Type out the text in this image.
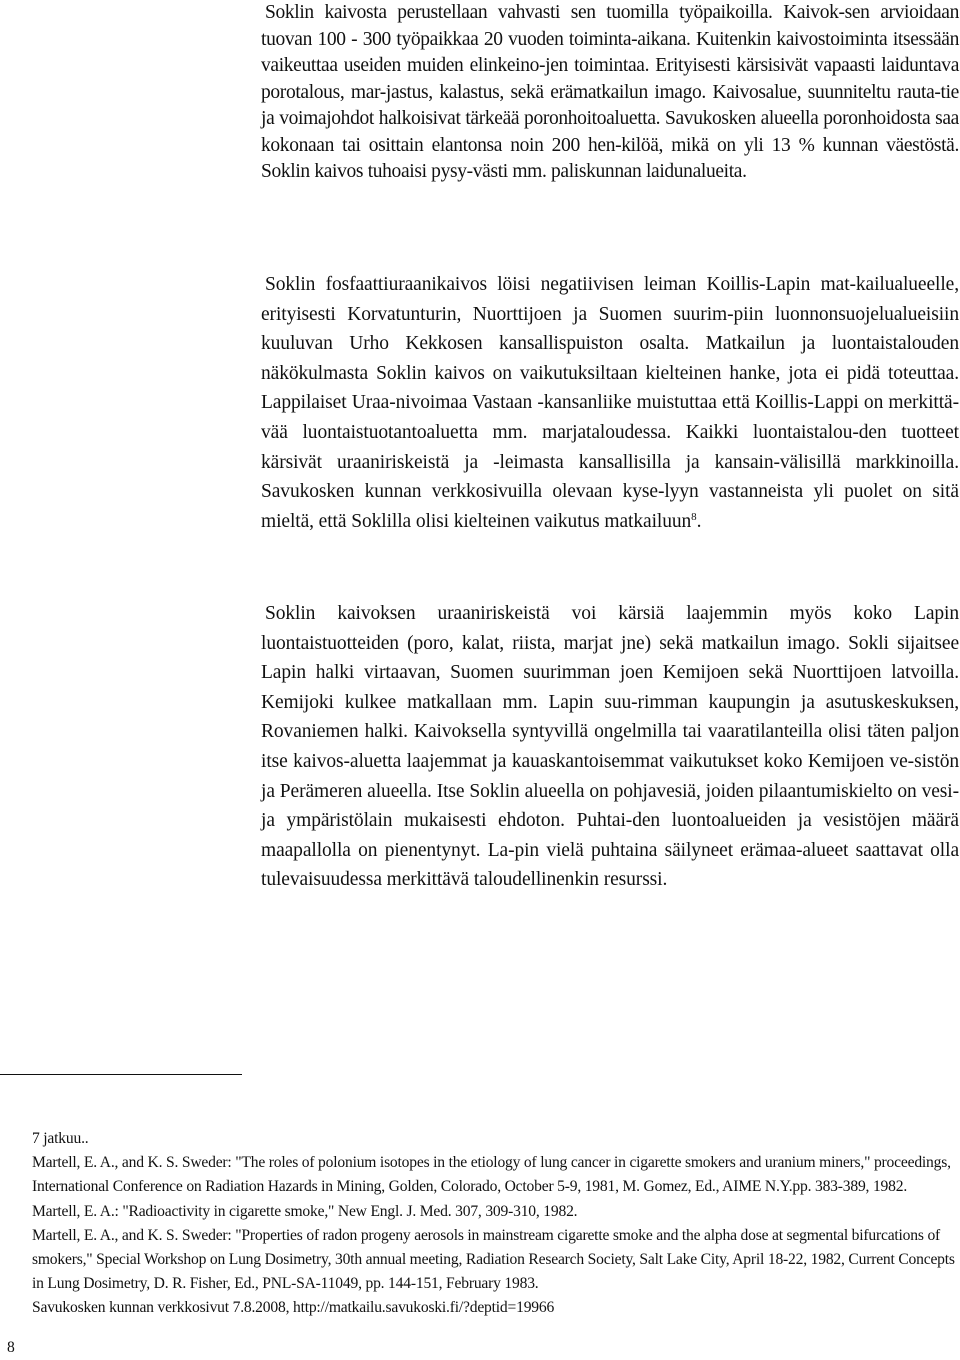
Soklin kaivosta perustellaan vahvasti sen tuomilla työpaikoilla. Kaivok-sen arvioidaan tuovan 100 - 300 työpaikkaa 20 vuoden toiminta-aikana. Kuitenkin kaivostoiminta itsessään vaikeuttaa useiden muiden elinkeino-jen toimintaa. Erityisesti kärsisivät vapaasti laiduntava porotalous, mar-jastus, kalastus, sekä erämatkailun imago. Kaivosalue, suunniteltu rauta-tie ja voimajohdot halkoisivat tärkeää poronhoitoaluetta. Savukosken alueella poronhoidosta saa kokonaan tai osittain elantonsa noin 200 hen-kilöä, mikä on yli 13 % kunnan väestöstä. Soklin kaivos tuhoaisi pysy-västi mm. paliskunnan laidunalueita.

Soklin fosfaattiuraanikaivos löisi negatiivisen leiman Koillis-Lapin mat-kailualueelle, erityisesti Korvatunturin, Nuorttijoen ja Suomen suurim-piin luonnonsuojelualueisiin kuuluvan Urho Kekkosen kansallispuiston osalta. Matkailun ja luontaistalouden näkökulmasta Soklin kaivos on vaikutuksiltaan kielteinen hanke, jota ei pidä toteuttaa. Lappilaiset Uraa-nivoimaa Vastaan -kansanliike muistuttaa että Koillis-Lappi on merkittä-vää luontaistuotantoaluetta mm. marjataloudessa. Kaikki luontaistalou-den tuotteet kärsivät uraaniriskeistä ja -leimasta kansallisilla ja kansain-välisillä markkinoilla. Savukosken kunnan verkkosivuilla olevaan kyse-lyyn vastanneista yli puolet on sitä mieltä, että Soklilla olisi kielteinen vaikutus matkailuun$^8$.

Soklin kaivoksen uraaniriskeistä voi kärsiä laajemmin myös koko Lapin luontaistuotteiden (poro, kalat, riista, marjat jne) sekä matkailun imago. Sokli sijaitsee Lapin halki virtaavan, Suomen suurimman joen Kemijoen sekä Nuorttijoen latvoilla. Kemijoki kulkee matkallaan mm. Lapin suu-rimman kaupungin ja asutuskeskuksen, Rovaniemen halki. Kaivoksella syntyvillä ongelmilla tai vaaratilanteilla olisi täten paljon itse kaivos-aluetta laajemmat ja kauaskantoisemmat vaikutukset koko Kemijoen ve-sistön ja Perämeren alueella. Itse Soklin alueella on pohjavesiä, joiden pilaantumiskielto on vesi- ja ympäristölain mukaisesti ehdoton. Puhtai-den luontoalueiden ja vesistöjen määrä maapallolla on pienentynyt. La-pin vielä puhtaina säilyneet erämaa-alueet saattavat olla tulevaisuudessa merkittävä taloudellinenkin resurssi.

7 jatkuu..

Martell, E. A., and K. S. Sweder: "The roles of polonium isotopes in the etiology of lung cancer in cigarette smokers and uranium miners," proceedings, International Conference on Radiation Hazards in Mining, Golden, Colorado, October 5-9, 1981, M. Gomez, Ed., AIME N.Y.pp. 383-389, 1982.

Martell, E. A.: "Radioactivity in cigarette smoke," New Engl. J. Med. 307, 309-310, 1982.

Martell, E. A., and K. S. Sweder: "Properties of radon progeny aerosols in mainstream cigarette smoke and the alpha dose at segmental bifurcations of smokers," Special Workshop on Lung Dosimetry, 30th annual meeting, Radiation Research Society, Salt Lake City, April 18-22, 1982, Current Concepts in Lung Dosimetry, D. R. Fisher, Ed., PNL-SA-11049, pp. 144-151, February 1983.

Savukosken kunnan verkkosivut 7.8.2008, http://matkailu.savukoski.fi/?deptid=19966

8
